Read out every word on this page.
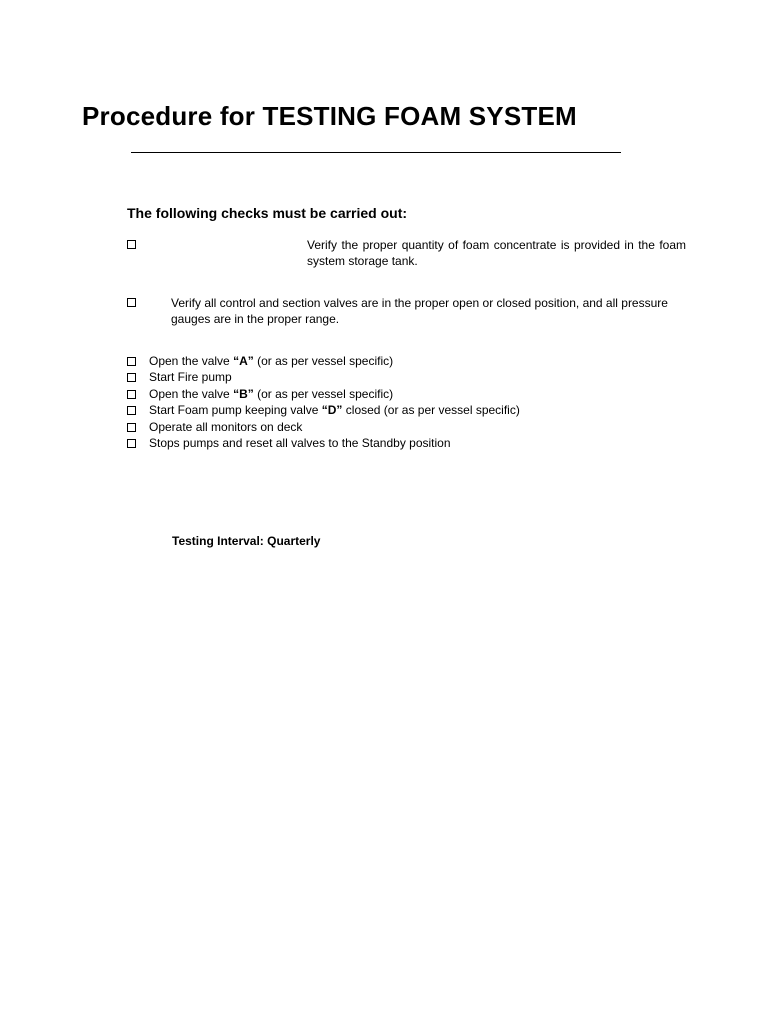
Procedure for TESTING FOAM SYSTEM
The following checks must be carried out:
Verify the proper quantity of foam concentrate is provided in the foam system storage tank.
Verify all control and section valves are in the proper open or closed position, and all pressure gauges are in the proper range.
Open the valve “A” (or as per vessel specific)
Start Fire pump
Open the valve “B” (or as per vessel specific)
Start Foam pump keeping valve “D” closed (or as per vessel specific)
Operate all monitors on deck
Stops pumps and reset all valves to the Standby position
Testing Interval: Quarterly
